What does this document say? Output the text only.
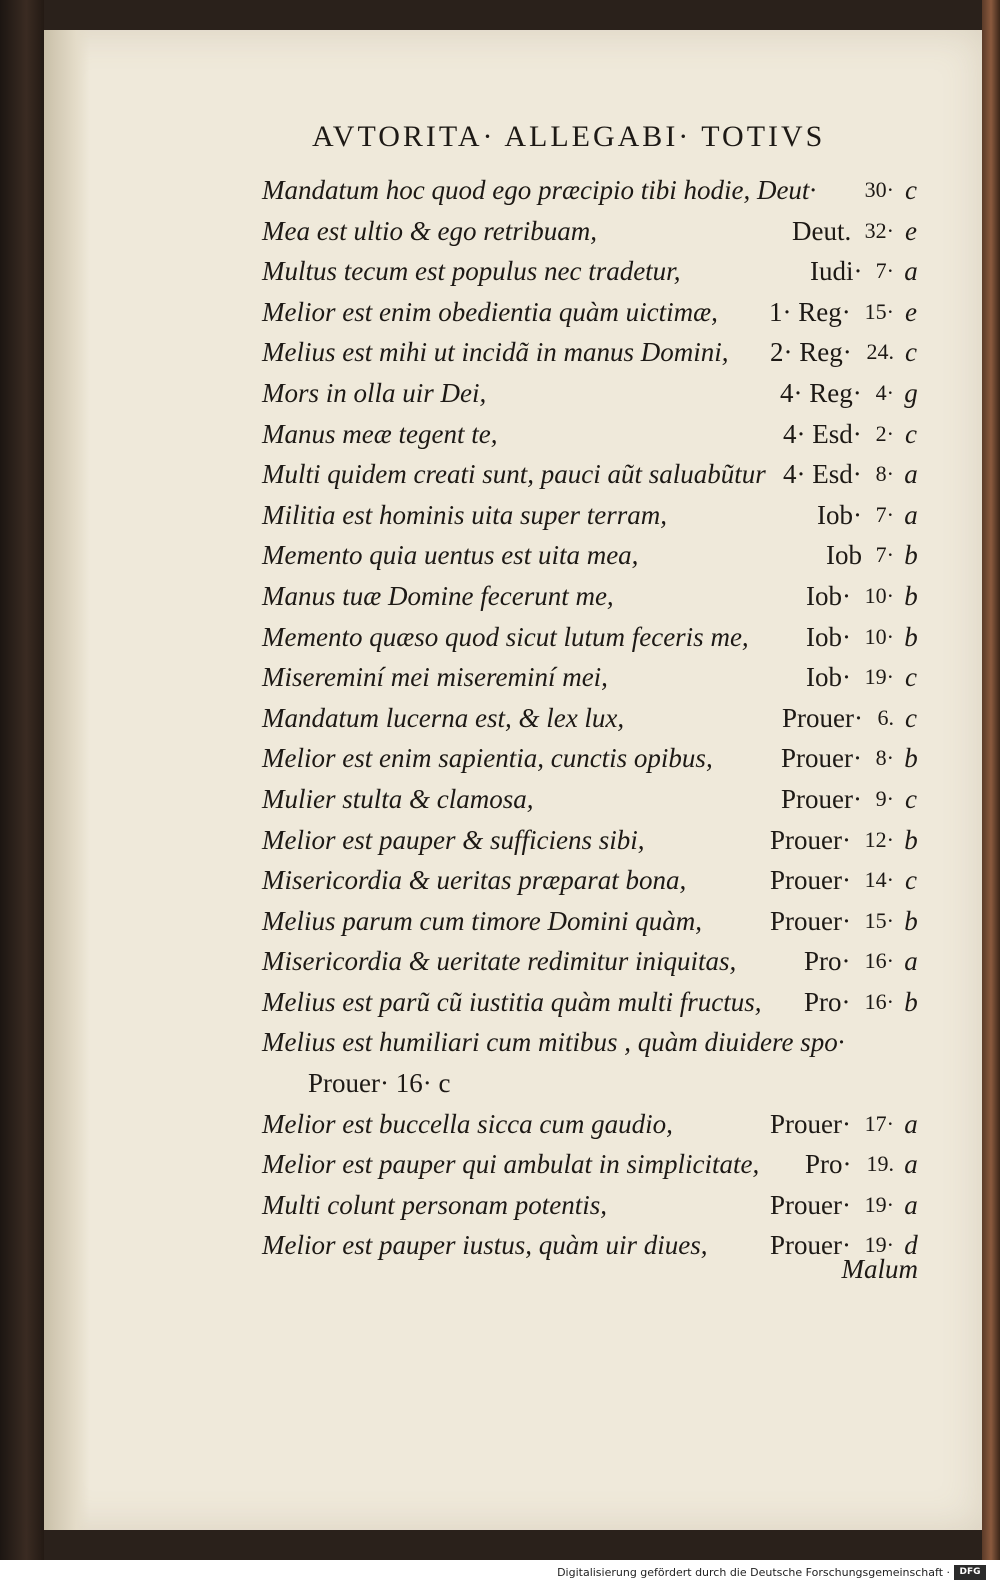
AVTORITA· ALLEGABI· TOTIVS
Mandatum hoc quod ego præcipio tibi hodie, Deut· 30· c
Mea est ultio & ego retribuam,	Deut. 32· e
Multus tecum est populus nec tradetur,	Iudi· 7· a
Melior est enim obedientia quàm uictimæ, 1· Reg· 15· e
Melius est mihi ut incidã in manus Domini, 2· Reg· 24. c
Mors in olla uir Dei,	4· Reg· 4· g
Manus meæ tegent te,	4· Esd· 2· c
Multi quidem creati sunt, pauci aũt saluabũtur 4· Esd· 8· a
Militia est hominis uita super terram,	Iob· 7· a
Memento quia uentus est uita mea,	Iob 7· b
Manus tuæ Domine fecerunt me,	Iob· 10· b
Memento quæso quod sicut lutum feceris me, Iob· 10· b
Misereminí mei misereminí mei,	Iob· 19· c
Mandatum lucerna est, & lex lux,	Prouer· 6. c
Melior est enim sapientia, cunctis opibus,	Prouer· 8· b
Mulier stulta & clamosa,	Prouer· 9· c
Melior est pauper & sufficiens sibi,	Prouer· 12· b
Misericordia & ueritas præparat bona,	Prouer· 14· c
Melius parum cum timore Domini quàm,	Prouer· 15· b
Misericordia & ueritate redimitur iniquitas,	Pro· 16· a
Melius est parũ cũ iustitia quàm multi fructus, Pro· 16· b
Melius est humiliari cum mitibus , quàm diuidere spo·
Prouer· 16· c
Melior est buccella sicca cum gaudio,	Prouer· 17· a
Melior est pauper qui ambulat in simplicitate, Pro· 19. a
Multi colunt personam potentis,	Prouer· 19· a
Melior est pauper iustus, quàm uir diues, Prouer· 19· d
Malum
Digitalisierung gefördert durch die Deutsche Forschungsgemeinschaft ·	DFG
